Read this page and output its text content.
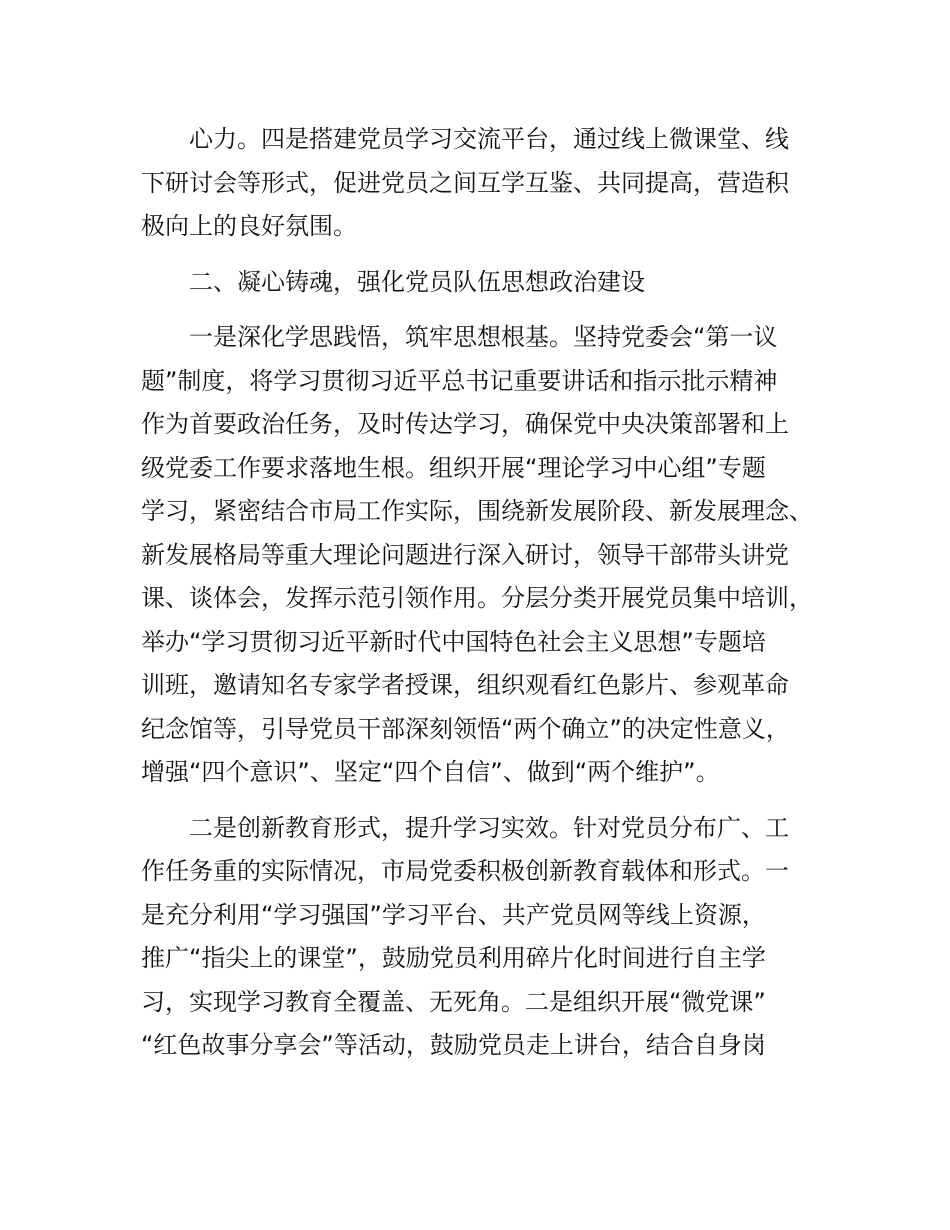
心力。四是搭建党员学习交流平台，通过线上微课堂、线
下研讨会等形式，促进党员之间互学互鉴、共同提高，营造积
极向上的良好氛围。
二、凝心铸魂，强化党员队伍思想政治建设
一是深化学思践悟，筑牢思想根基。坚持党委会“第一议
题”制度，将学习贯彻习近平总书记重要讲话和指示批示精神
作为首要政治任务，及时传达学习，确保党中央决策部署和上
级党委工作要求落地生根。组织开展“理论学习中心组”专题
学习，紧密结合市局工作实际，围绕新发展阶段、新发展理念、
新发展格局等重大理论问题进行深入研讨，领导干部带头讲党
课、谈体会，发挥示范引领作用。分层分类开展党员集中培训，
举办“学习贯彻习近平新时代中国特色社会主义思想”专题培
训班，邀请知名专家学者授课，组织观看红色影片、参观革命
纪念馆等，引导党员干部深刻领悟“两个确立”的决定性意义，
增强“四个意识”、坚定“四个自信”、做到“两个维护”。
二是创新教育形式，提升学习实效。针对党员分布广、工
作任务重的实际情况，市局党委积极创新教育载体和形式。一
是充分利用“学习强国”学习平台、共产党员网等线上资源，
推广“指尖上的课堂”，鼓励党员利用碎片化时间进行自主学
习，实现学习教育全覆盖、无死角。二是组织开展“微党课”
“红色故事分享会”等活动，鼓励党员走上讲台，结合自身岗
